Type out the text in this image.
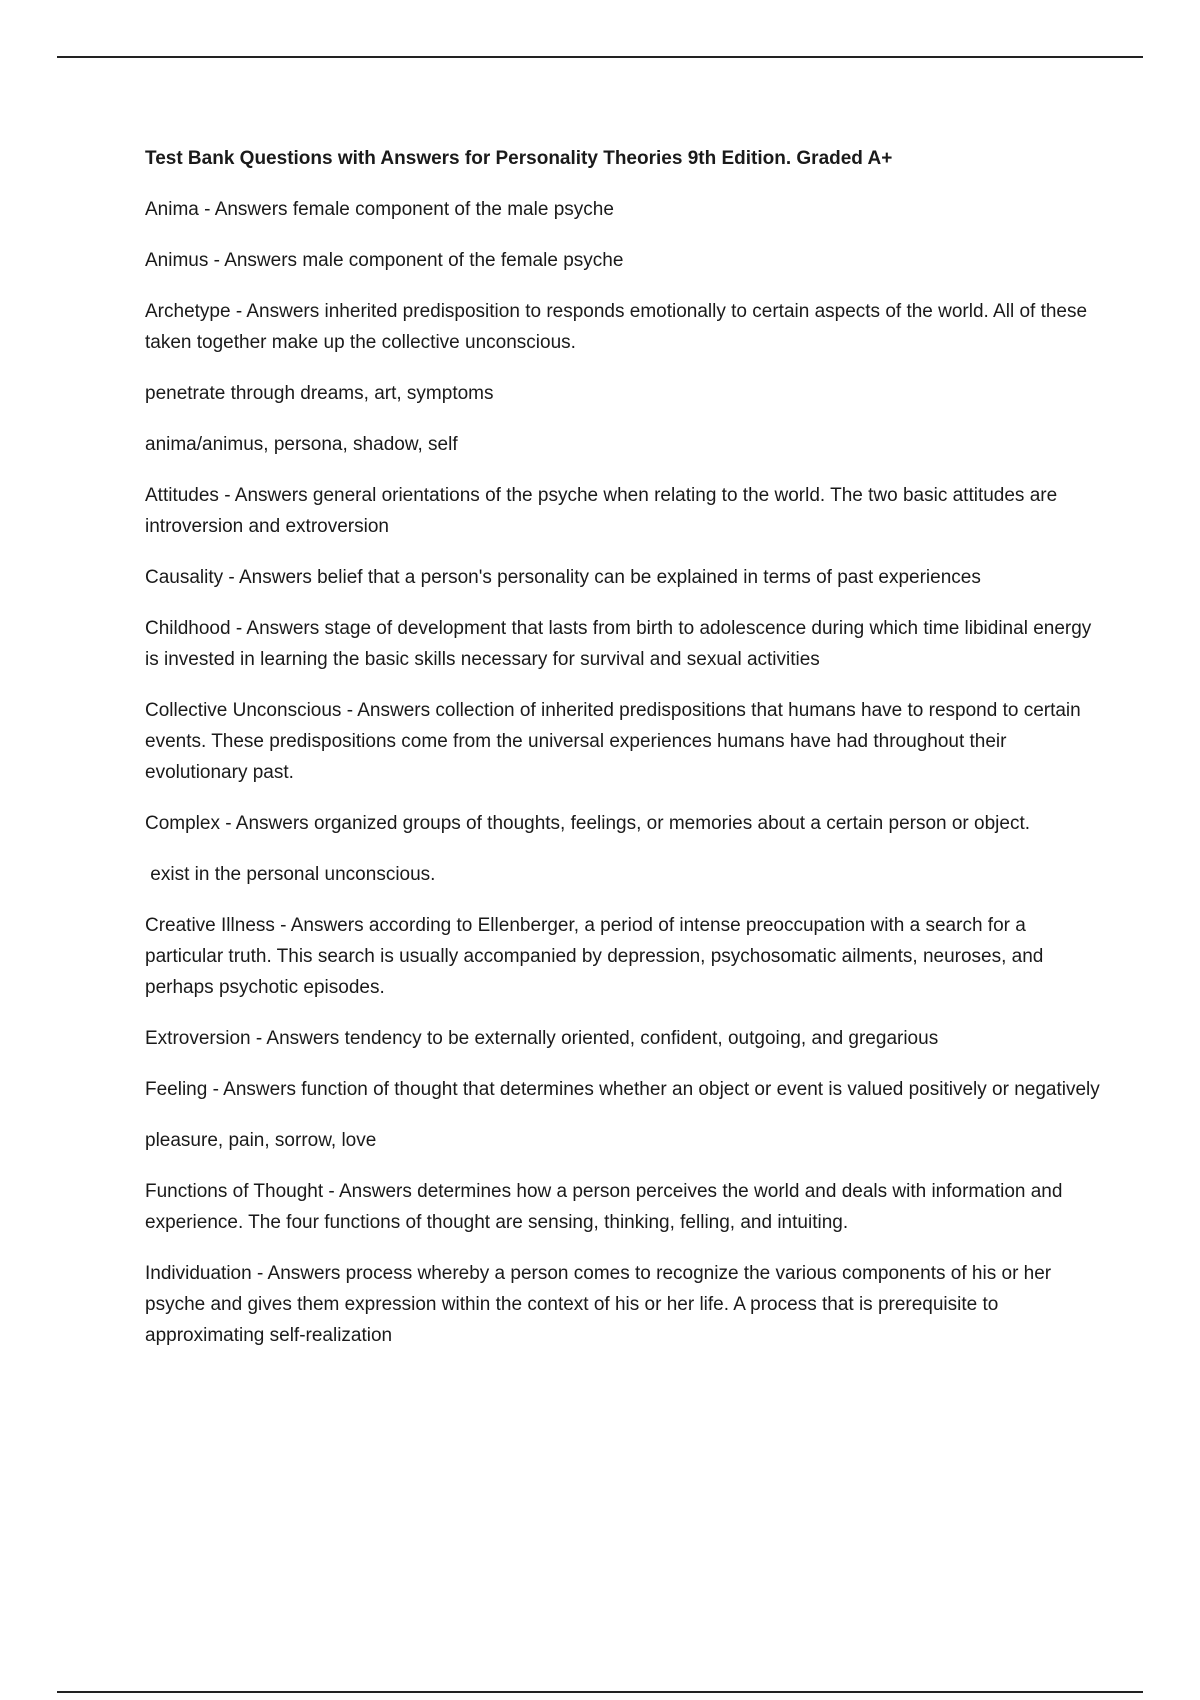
Test Bank Questions with Answers for Personality Theories 9th Edition. Graded A+
Anima - Answers female component of the male psyche
Animus - Answers male component of the female psyche
Archetype - Answers inherited predisposition to responds emotionally to certain aspects of the world. All of these taken together make up the collective unconscious.
penetrate through dreams, art, symptoms
anima/animus, persona, shadow, self
Attitudes - Answers general orientations of the psyche when relating to the world. The two basic attitudes are introversion and extroversion
Causality - Answers belief that a person's personality can be explained in terms of past experiences
Childhood - Answers stage of development that lasts from birth to adolescence during which time libidinal energy is invested in learning the basic skills necessary for survival and sexual activities
Collective Unconscious - Answers collection of inherited predispositions that humans have to respond to certain events. These predispositions come from the universal experiences humans have had throughout their evolutionary past.
Complex - Answers organized groups of thoughts, feelings, or memories about a certain person or object.
exist in the personal unconscious.
Creative Illness - Answers according to Ellenberger, a period of intense preoccupation with a search for a particular truth. This search is usually accompanied by depression, psychosomatic ailments, neuroses, and perhaps psychotic episodes.
Extroversion - Answers tendency to be externally oriented, confident, outgoing, and gregarious
Feeling - Answers function of thought that determines whether an object or event is valued positively or negatively
pleasure, pain, sorrow, love
Functions of Thought - Answers determines how a person perceives the world and deals with information and experience. The four functions of thought are sensing, thinking, felling, and intuiting.
Individuation - Answers process whereby a person comes to recognize the various components of his or her psyche and gives them expression within the context of his or her life. A process that is prerequisite to approximating self-realization
